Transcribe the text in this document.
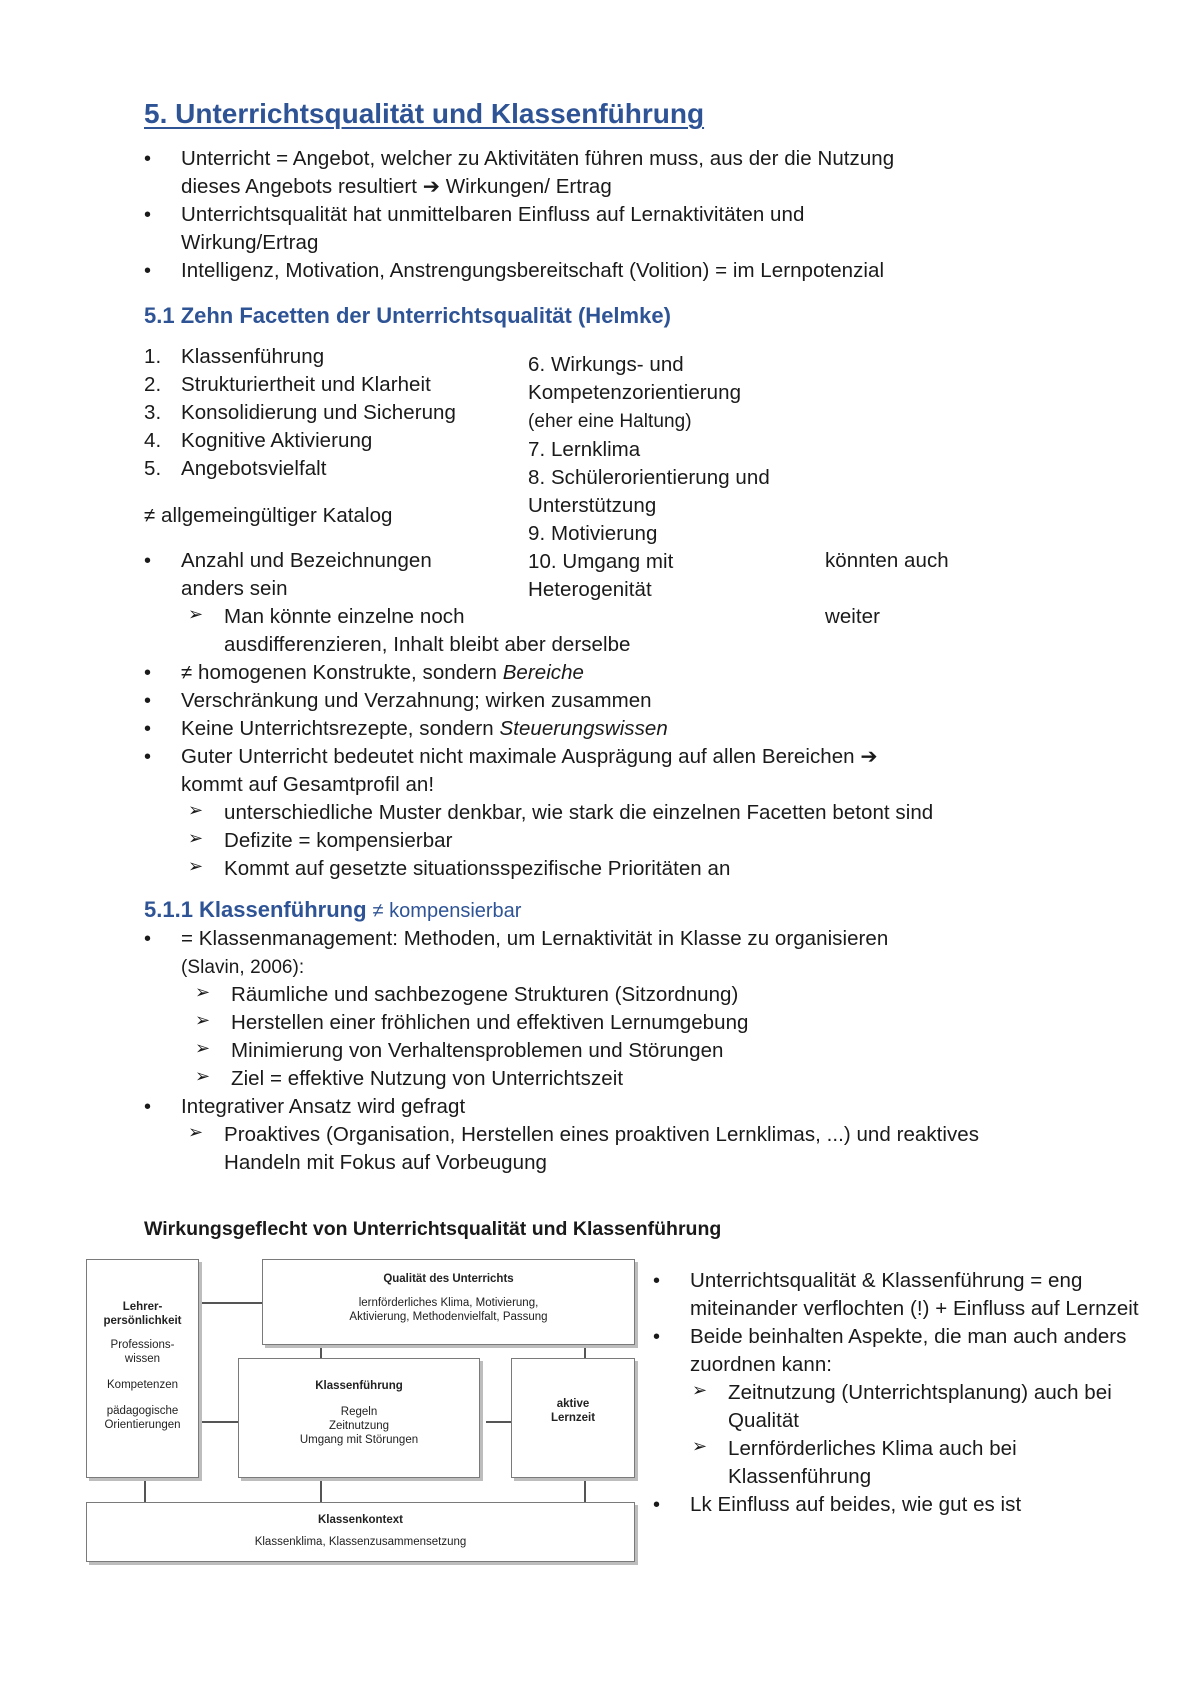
5. Unterrichtsqualität und Klassenführung
• Unterricht = Angebot, welcher zu Aktivitäten führen muss, aus der die Nutzung
dieses Angebots resultiert ➔ Wirkungen/ Ertrag
• Unterrichtsqualität hat unmittelbaren Einfluss auf Lernaktivitäten und
Wirkung/Ertrag
• Intelligenz, Motivation, Anstrengungsbereitschaft (Volition) = im Lernpotenzial
5.1 Zehn Facetten der Unterrichtsqualität (Helmke)
1.
2.
3.
4.
5.
Klassenführung
Strukturiertheit und Klarheit
Konsolidierung und Sicherung
Kognitive Aktivierung
Angebotsvielfalt
6. Wirkungs- und
Kompetenzorientierung
(eher eine Haltung)
7. Lernklima
8. Schülerorientierung und
Unterstützung
9. Motivierung
10. Umgang mit
Heterogenität
könnten auch
weiter
≠ allgemeingültiger Katalog
• Anzahl und Bezeichnungen
anders sein
➢ Man könnte einzelne noch
ausdifferenzieren, Inhalt bleibt aber derselbe
• ≠ homogenen Konstrukte, sondern Bereiche
• Verschränkung und Verzahnung; wirken zusammen
• Keine Unterrichtsrezepte, sondern Steuerungswissen
• Guter Unterricht bedeutet nicht maximale Ausprägung auf allen Bereichen ➔
kommt auf Gesamtprofil an!
➢ unterschiedliche Muster denkbar, wie stark die einzelnen Facetten betont sind
➢ Defizite = kompensierbar
➢ Kommt auf gesetzte situationsspezifische Prioritäten an
5.1.1 Klassenführung ≠ kompensierbar
• = Klassenmanagement: Methoden, um Lernaktivität in Klasse zu organisieren
(Slavin, 2006):
➢ Räumliche und sachbezogene Strukturen (Sitzordnung)
➢ Herstellen einer fröhlichen und effektiven Lernumgebung
➢ Minimierung von Verhaltensproblemen und Störungen
➢ Ziel = effektive Nutzung von Unterrichtszeit
• Integrativer Ansatz wird gefragt
➢ Proaktives (Organisation, Herstellen eines proaktiven Lernklimas, ...) und reaktives
Handeln mit Fokus auf Vorbeugung
Wirkungsgeflecht von Unterrichtsqualität und Klassenführung
Lehrer-
persönlichkeit
Professions-
wissen
Kompetenzen
pädagogische
Orientierungen
Qualität des Unterrichts
lernförderliches Klima, Motivierung,
Aktivierung, Methodenvielfalt, Passung
Klassenführung
Regeln
Zeitnutzung
Umgang mit Störungen
aktive
Lernzeit
Klassenkontext
Klassenklima, Klassenzusammensetzung
• Unterrichtsqualität & Klassenführung = eng
miteinander verflochten (!) + Einfluss auf Lernzeit
• Beide beinhalten Aspekte, die man auch anders
zuordnen kann:
➢ Zeitnutzung (Unterrichtsplanung) auch bei
Qualität
➢ Lernförderliches Klima auch bei
Klassenführung
• Lk Einfluss auf beides, wie gut es ist
